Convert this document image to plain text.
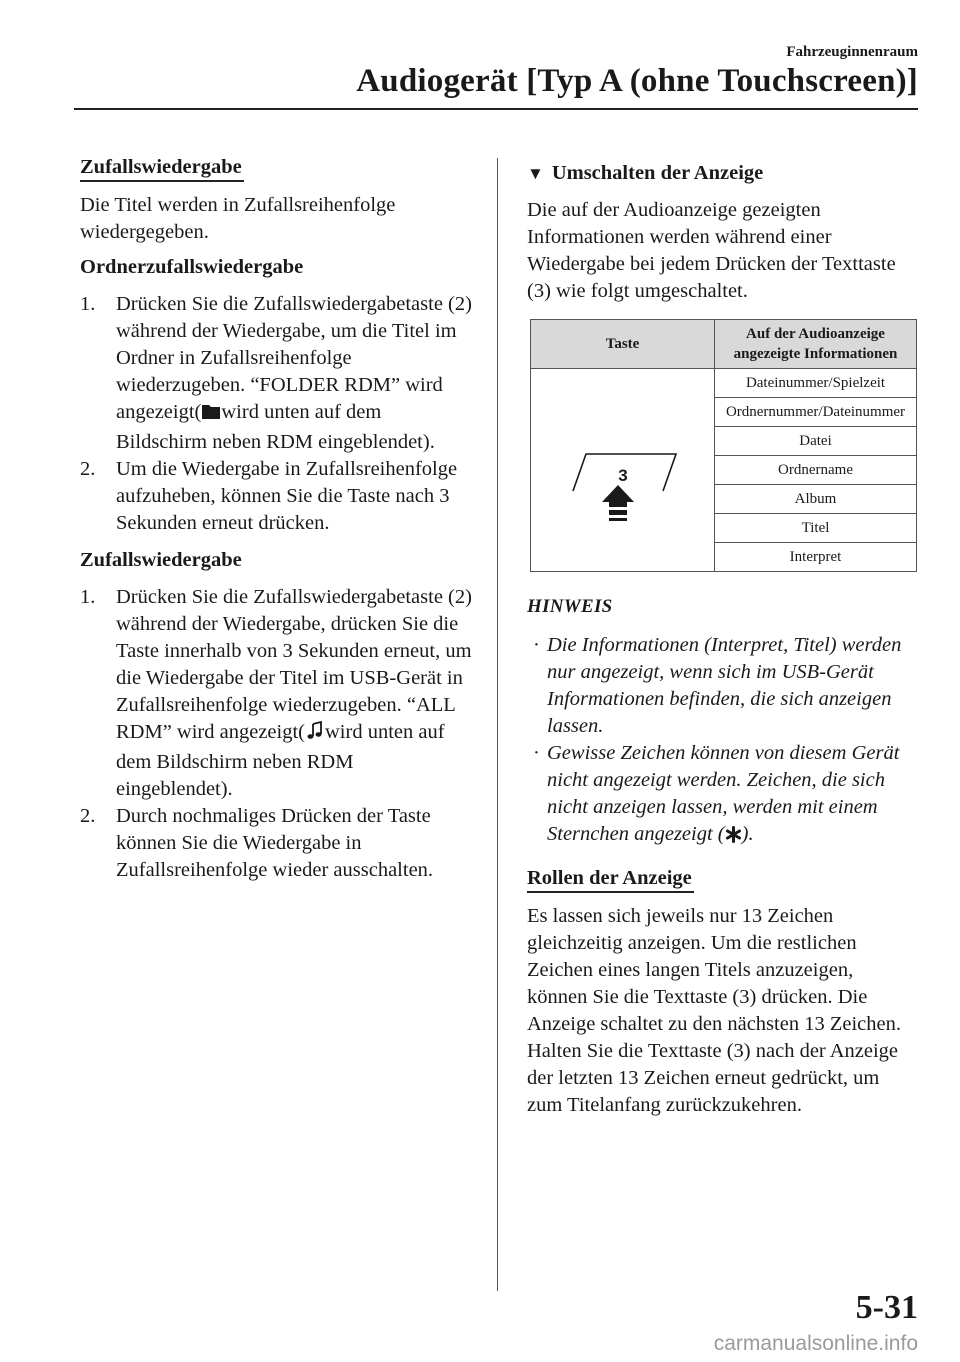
Fahrzeuginnenraum
Audiogerät [Typ A (ohne Touchscreen)]
Zufallswiedergabe

Die Titel werden in Zufallsreihenfolge wiedergegeben.

Ordnerzufallswiedergabe
1. Drücken Sie die Zufallswiedergabetaste (2) während der Wiedergabe, um die Titel im Ordner in Zufallsreihenfolge wiederzugeben. “FOLDER RDM” wird angezeigt( wird unten auf dem Bildschirm neben RDM eingeblendet).
2. Um die Wiedergabe in Zufallsreihenfolge aufzuheben, können Sie die Taste nach 3 Sekunden erneut drücken.
Zufallswiedergabe
1. Drücken Sie die Zufallswiedergabetaste (2) während der Wiedergabe, drücken Sie die Taste innerhalb von 3 Sekunden erneut, um die Wiedergabe der Titel im USB-Gerät in Zufallsreihenfolge wiederzugeben. “ALL RDM” wird angezeigt( wird unten auf dem Bildschirm neben RDM eingeblendet).
2. Durch nochmaliges Drücken der Taste können Sie die Wiedergabe in Zufallsreihenfolge wieder ausschalten.
▼ Umschalten der Anzeige

Die auf der Audioanzeige gezeigten Informationen werden während einer Wiedergabe bei jedem Drücken der Texttaste (3) wie folgt umgeschaltet.

Taste	Auf der Audioanzeige angezeigte Informationen

3	Dateinummer/Spielzeit
	Ordnernummer/Dateinummer
	Datei
	Ordnername
	Album
	Titel
	Interpret
HINWEIS
· Die Informationen (Interpret, Titel) werden nur angezeigt, wenn sich im USB-Gerät Informationen befinden, die sich anzeigen lassen.
· Gewisse Zeichen können von diesem Gerät nicht angezeigt werden. Zeichen, die sich nicht anzeigen lassen, werden mit einem Sternchen angezeigt ( ).
Rollen der Anzeige

Es lassen sich jeweils nur 13 Zeichen gleichzeitig anzeigen. Um die restlichen Zeichen eines langen Titels anzuzeigen, können Sie die Texttaste (3) drücken. Die Anzeige schaltet zu den nächsten 13 Zeichen. Halten Sie die Texttaste (3) nach der Anzeige der letzten 13 Zeichen erneut gedrückt, um zum Titelanfang zurückzukehren.

5-31
carmanualsonline.info
